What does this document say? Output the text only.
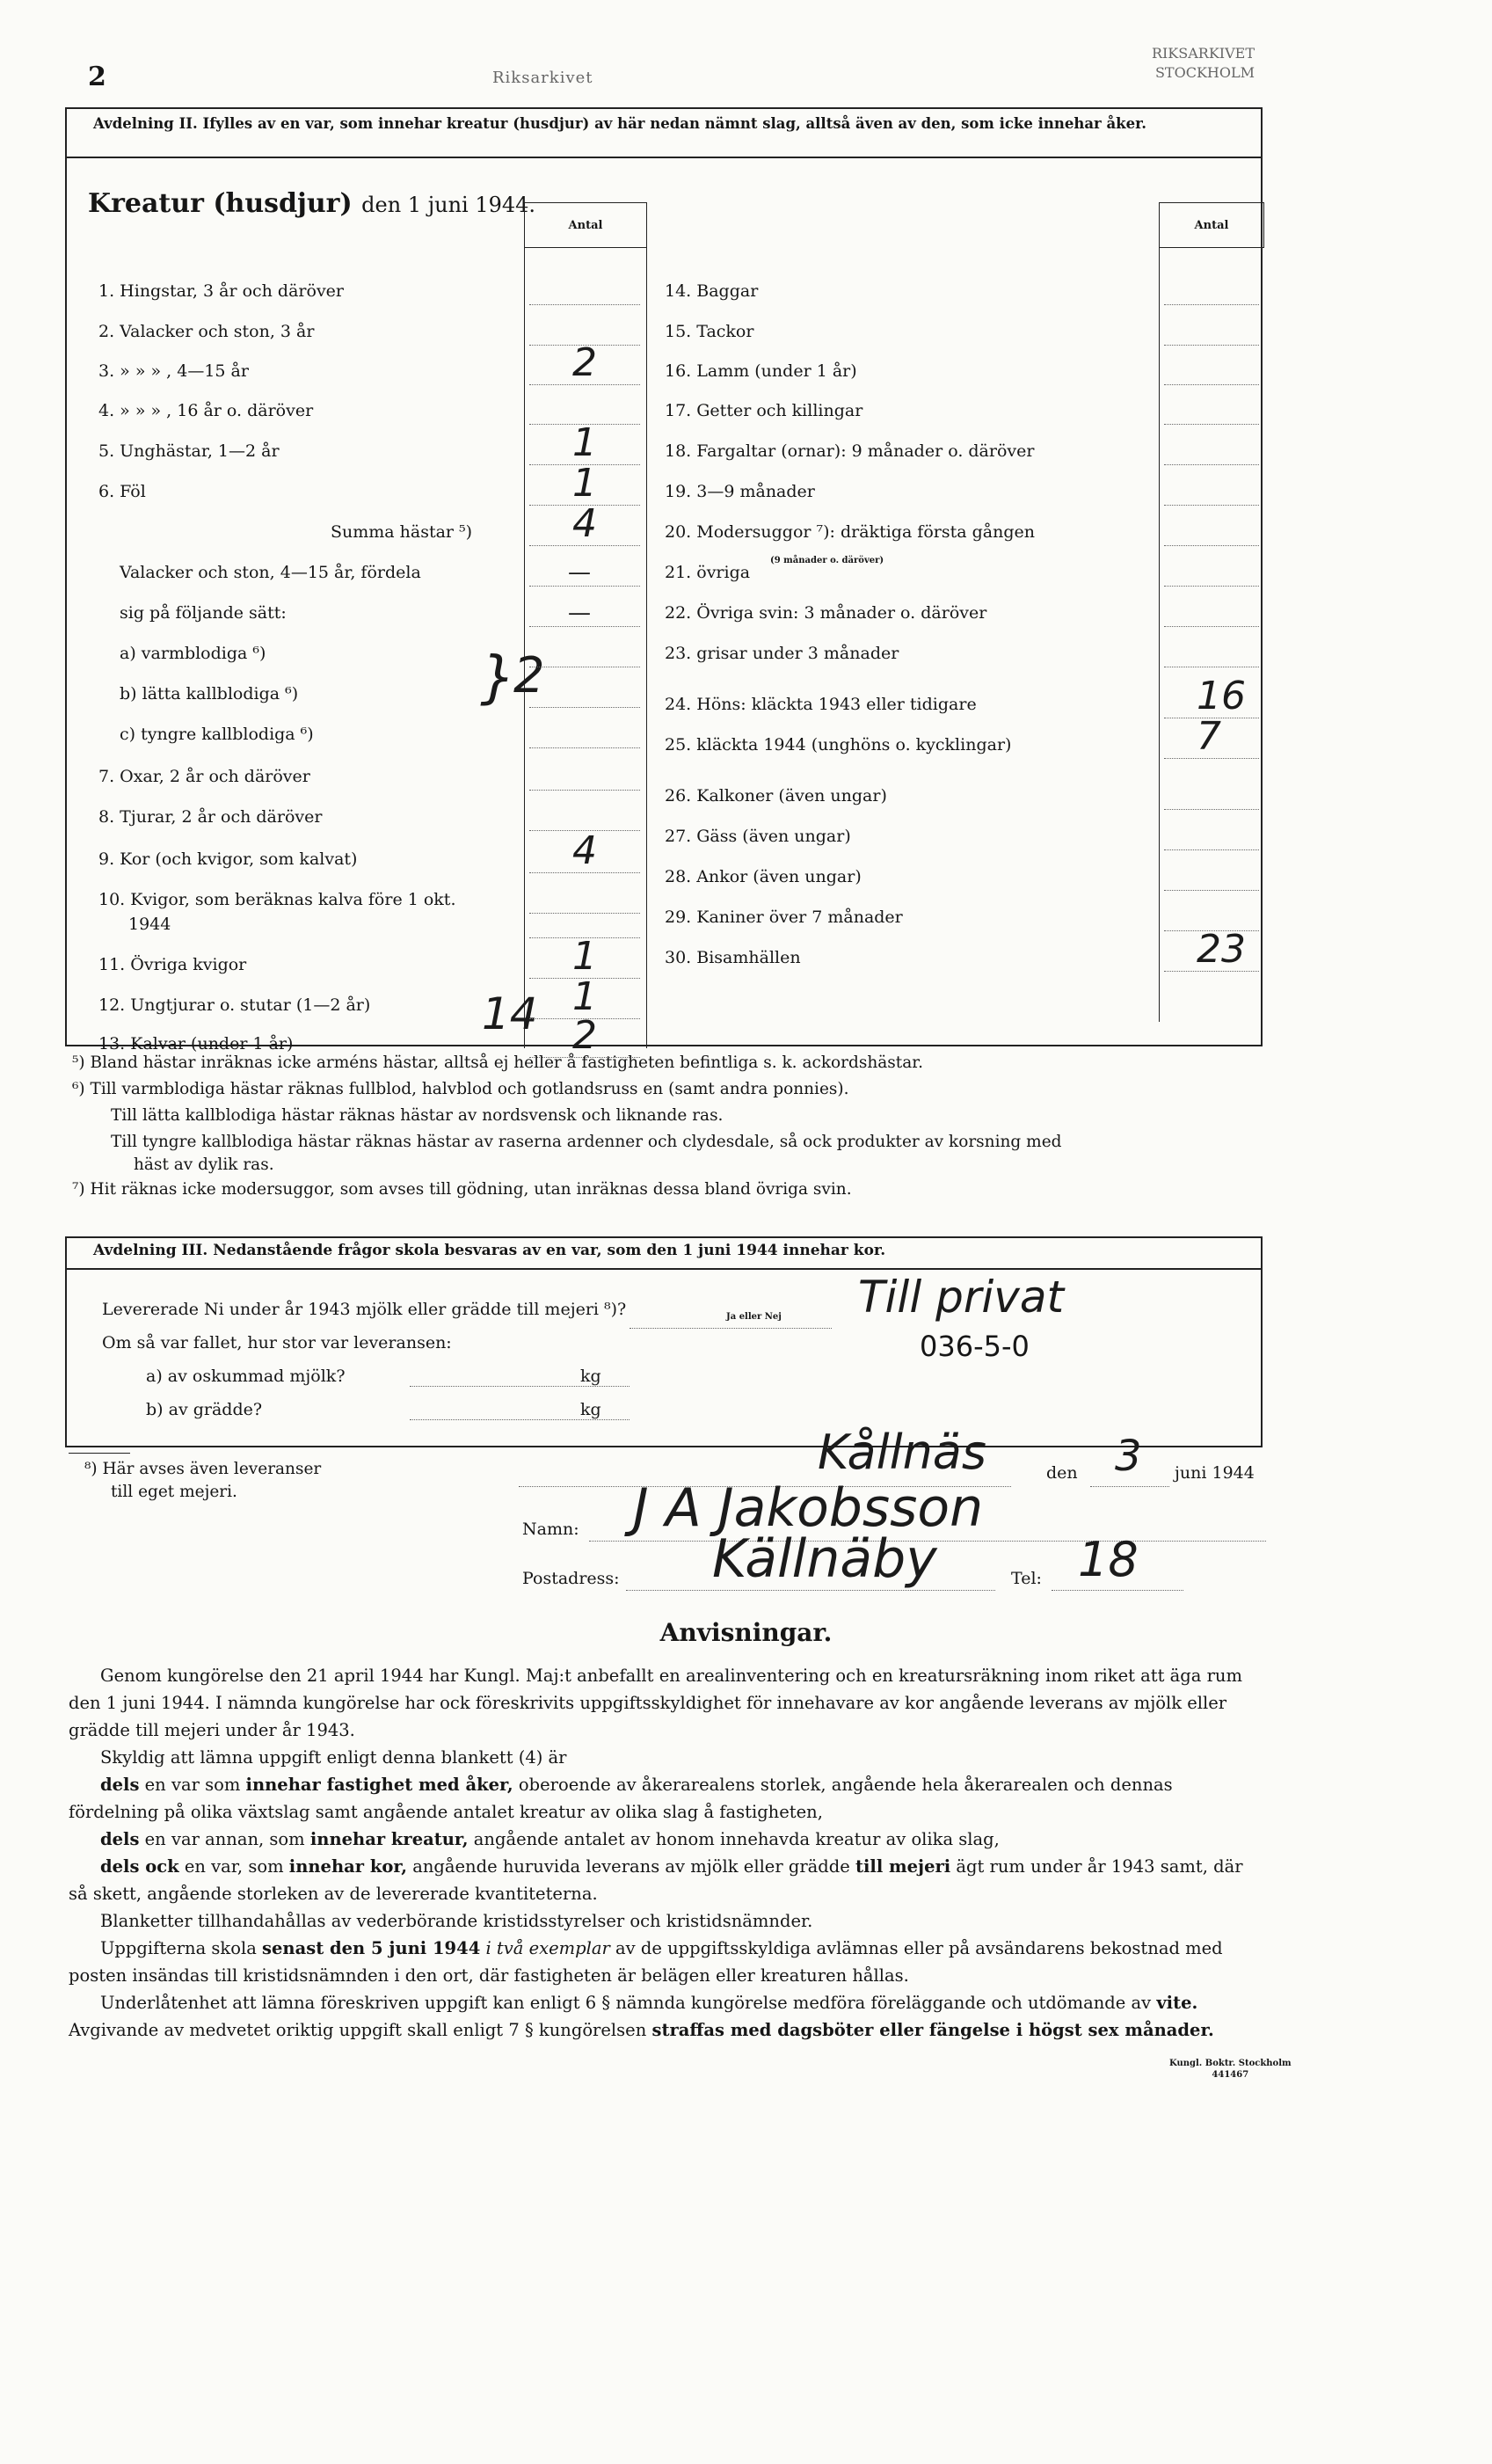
2	Riksarkivet
RIKSARKIVET
STOCKHOLM
Avdelning II. Ifylles av en var, som innehar kreatur (husdjur) av här nedan nämnt slag, alltså även av den, som icke innehar åker.
Kreatur (husdjur) den 1 juni 1944.
Antal	Antal
}
2
14
(9 månader o. däröver)
1. Hingstar, 3 år och däröver
2. Valacker och ston, 3 år
3. » » » , 4—15 år	2
4. » » » , 16 år o. däröver
5. Unghästar, 1—2 år	1
6. Föl	1
Summa hästar ⁵)	4
Valacker och ston, 4—15 år, fördela	—
sig på följande sätt:	—
a) varmblodiga ⁶)
b) lätta kallblodiga ⁶)
c) tyngre kallblodiga ⁶)
7. Oxar, 2 år och däröver
8. Tjurar, 2 år och däröver
9. Kor (och kvigor, som kalvat)	4
10. Kvigor, som beräknas kalva före 1 okt.
1944
11. Övriga kvigor	1
12. Ungtjurar o. stutar (1—2 år)	1
13. Kalvar (under 1 år)	2
14. Baggar
15. Tackor
16. Lamm (under 1 år)
17. Getter och killingar
18. Fargaltar (ornar): 9 månader o. däröver
19. 3—9 månader
20. Modersuggor ⁷): dräktiga första gången
21. övriga
22. Övriga svin: 3 månader o. däröver
23. grisar under 3 månader
24. Höns: kläckta 1943 eller tidigare	16
25. kläckta 1944 (unghöns o. kycklingar)	7
26. Kalkoner (även ungar)
27. Gäss (även ungar)
28. Ankor (även ungar)
29. Kaniner över 7 månader
30. Bisamhällen	23
⁵) Bland hästar inräknas icke arméns hästar, alltså ej heller å fastigheten befintliga s. k. ackordshästar.
⁶) Till varmblodiga hästar räknas fullblod, halvblod och gotlandsruss en (samt andra ponnies).
Till lätta kallblodiga hästar räknas hästar av nordsvensk och liknande ras.
Till tyngre kallblodiga hästar räknas hästar av raserna ardenner och clydesdale, så ock produkter av korsning med
häst av dylik ras.
⁷) Hit räknas icke modersuggor, som avses till gödning, utan inräknas dessa bland övriga svin.
Avdelning III. Nedanstående frågor skola besvaras av en var, som den 1 juni 1944 innehar kor.
Levererade Ni under år 1943 mjölk eller grädde till mejeri ⁸)?	Ja eller Nej Till privat
036-5-0
Om så var fallet, hur stor var leveransen:
a) av oskummad mjölk?	kg
b) av grädde?	kg
⁸) Här avses även leveranser
till eget mejeri.
Kållnäs	den 3 juni 1944
Namn: J A Jakobsson
Postadress: Källnäby	Tel: 18
Anvisningar.

Genom kungörelse den 21 april 1944 har Kungl. Maj:t anbefallt en arealinventering och en kreatursräkning inom riket att äga rum den 1 juni 1944. I nämnda kungörelse har ock föreskrivits uppgiftsskyldighet för innehavare av kor angående leverans av mjölk eller grädde till mejeri under år 1943.

Skyldig att lämna uppgift enligt denna blankett (4) är

dels en var som innehar fastighet med åker, oberoende av åkerarealens storlek, angående hela åkerarealen och dennas fördelning på olika växtslag samt angående antalet kreatur av olika slag å fastigheten,

dels en var annan, som innehar kreatur, angående antalet av honom innehavda kreatur av olika slag,

dels ock en var, som innehar kor, angående huruvida leverans av mjölk eller grädde till mejeri ägt rum under år 1943 samt, där så skett, angående storleken av de levererade kvantiteterna.

Blanketter tillhandahållas av vederbörande kristidsstyrelser och kristidsnämnder.

Uppgifterna skola senast den 5 juni 1944 i två exemplar av de uppgiftsskyldiga avlämnas eller på avsändarens bekostnad med posten insändas till kristidsnämnden i den ort, där fastigheten är belägen eller kreaturen hållas.

Underlåtenhet att lämna föreskriven uppgift kan enligt 6 § nämnda kungörelse medföra föreläggande och utdömande av vite. Avgivande av medvetet oriktig uppgift skall enligt 7 § kungörelsen straffas med dagsböter eller fängelse i högst sex månader.

Kungl. Boktr. Stockholm
441467
